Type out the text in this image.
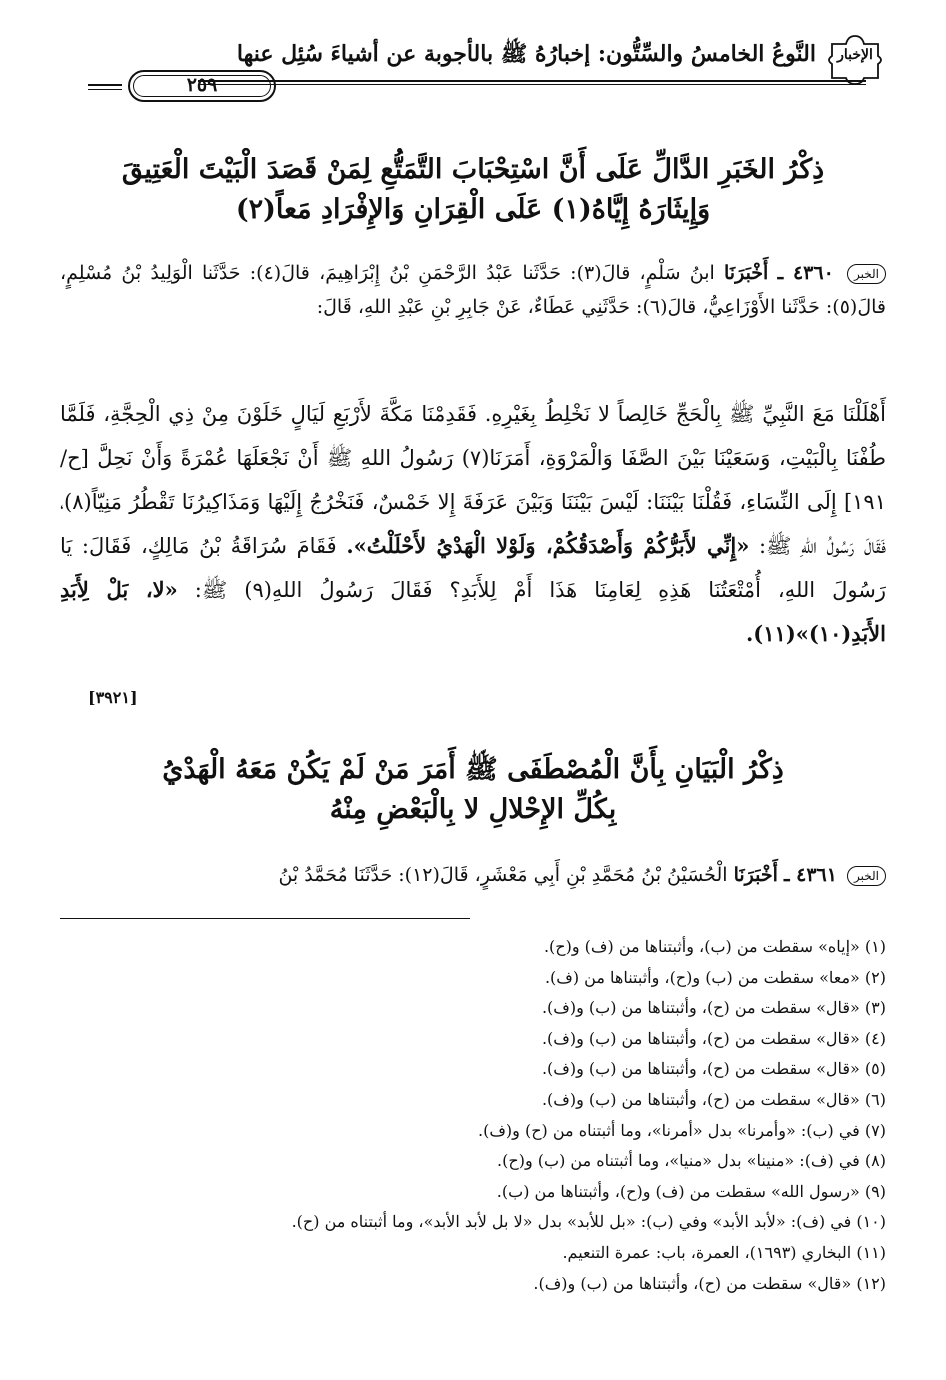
الإخبار
النَّوعُ الخامسُ والسِّتُّون: إخبارُهُ ﷺ بالأجوبة عن أشياءَ سُئِل عنها
٢٥٩
ذِكْرُ الخَبَرِ الدَّالِّ عَلَى أَنَّ اسْتِحْبَابَ التَّمَتُّعِ لِمَنْ قَصَدَ الْبَيْتَ الْعَتِيقَ
وَإِيثَارَهُ إِيَّاهُ(١) عَلَى الْقِرَانِ وَالإِفْرَادِ مَعاً(٢)
الخبر ٤٣٦٠ ـ أَخْبَرَنَا ابنُ سَلْمٍ، قالَ(٣): حَدَّثَنا عَبْدُ الرَّحْمَنِ بْنُ إِبْرَاهِيمَ، قالَ(٤): حَدَّثَنا الْوَلِيدُ بْنُ مُسْلِمٍ، قالَ(٥): حَدَّثَنا الأَوْزَاعِيُّ، قالَ(٦): حَدَّثَنِي عَطَاءٌ، عَنْ جَابِرِ بْنِ عَبْدِ اللهِ، قَالَ:
أَهْلَلْنَا مَعَ النَّبِيِّ ﷺ بِالْحَجِّ خَالِصاً لا نَخْلِطُ بِغَيْرِهِ. فَقَدِمْنَا مَكَّةَ لأَرْبَعِ لَيَالٍ خَلَوْنَ مِنْ ذِي الْحِجَّةِ، فَلَمَّا طُفْنَا بِالْبَيْتِ، وَسَعَيْنَا بَيْنَ الصَّفَا وَالْمَرْوَةِ، أَمَرَنَا(٧) رَسُولُ اللهِ ﷺ أَنْ نَجْعَلَهَا عُمْرَةً وَأَنْ نَحِلَّ [ح/١٩١] إِلَى النِّسَاءِ، فَقُلْنَا بَيْنَنَا: لَيْسَ بَيْنَنَا وَبَيْنَ عَرَفَةَ إِلا خَمْسٌ، فَنَخْرُجُ إِلَيْهَا وَمَذَاكِيرُنَا تَقْطُرُ مَنِيّاً(٨)، فَقَالَ رَسُولُ اللهِ ﷺ: «إِنِّي لأَبَرُّكُمْ وَأَصْدَقُكُمْ، وَلَوْلا الْهَدْيُ لأَحْلَلْتُ». فَقَامَ سُرَاقَةُ بْنُ مَالِكٍ، فَقَالَ: يَا رَسُولَ اللهِ، أُمْتْعَتُنَا هَذِهِ لِعَامِنَا هَذَا أَمْ لِلأَبَدِ؟ فَقَالَ رَسُولُ اللهِ(٩) ﷺ: «لا، بَلْ لِأَبَدِ الأَبَدِ(١٠)»(١١).
[٣٩٢١]
ذِكْرُ الْبَيَانِ بِأَنَّ الْمُصْطَفَى ﷺ أَمَرَ مَنْ لَمْ يَكُنْ مَعَهُ الْهَدْيُ
بِكُلِّ الإِحْلالِ لا بِالْبَعْضِ مِنْهُ
الخبر ٤٣٦١ ـ أَخْبَرَنَا الْحُسَيْنُ بْنُ مُحَمَّدِ بْنِ أَبِي مَعْشَرٍ، قَالَ(١٢): حَدَّثَنَا مُحَمَّدُ بْنُ
(١) «إياه» سقطت من (ب)، وأثبتناها من (ف) و(ح).
(٢) «معا» سقطت من (ب) و(ح)، وأثبتناها من (ف).
(٣) «قال» سقطت من (ح)، وأثبتناها من (ب) و(ف).
(٤) «قال» سقطت من (ح)، وأثبتناها من (ب) و(ف).
(٥) «قال» سقطت من (ح)، وأثبتناها من (ب) و(ف).
(٦) «قال» سقطت من (ح)، وأثبتناها من (ب) و(ف).
(٧) في (ب): «وأمرنا» بدل «أمرنا»، وما أثبتناه من (ح) و(ف).
(٨) في (ف): «منينا» بدل «منيا»، وما أثبتناه من (ب) و(ح).
(٩) «رسول الله» سقطت من (ف) و(ح)، وأثبتناها من (ب).
(١٠) في (ف): «لأبد الأبد» وفي (ب): «بل للأبد» بدل «لا بل لأبد الأبد»، وما أثبتناه من (ح).
(١١) البخاري (١٦٩٣)، العمرة، باب: عمرة التنعيم.
(١٢) «قال» سقطت من (ح)، وأثبتناها من (ب) و(ف).
